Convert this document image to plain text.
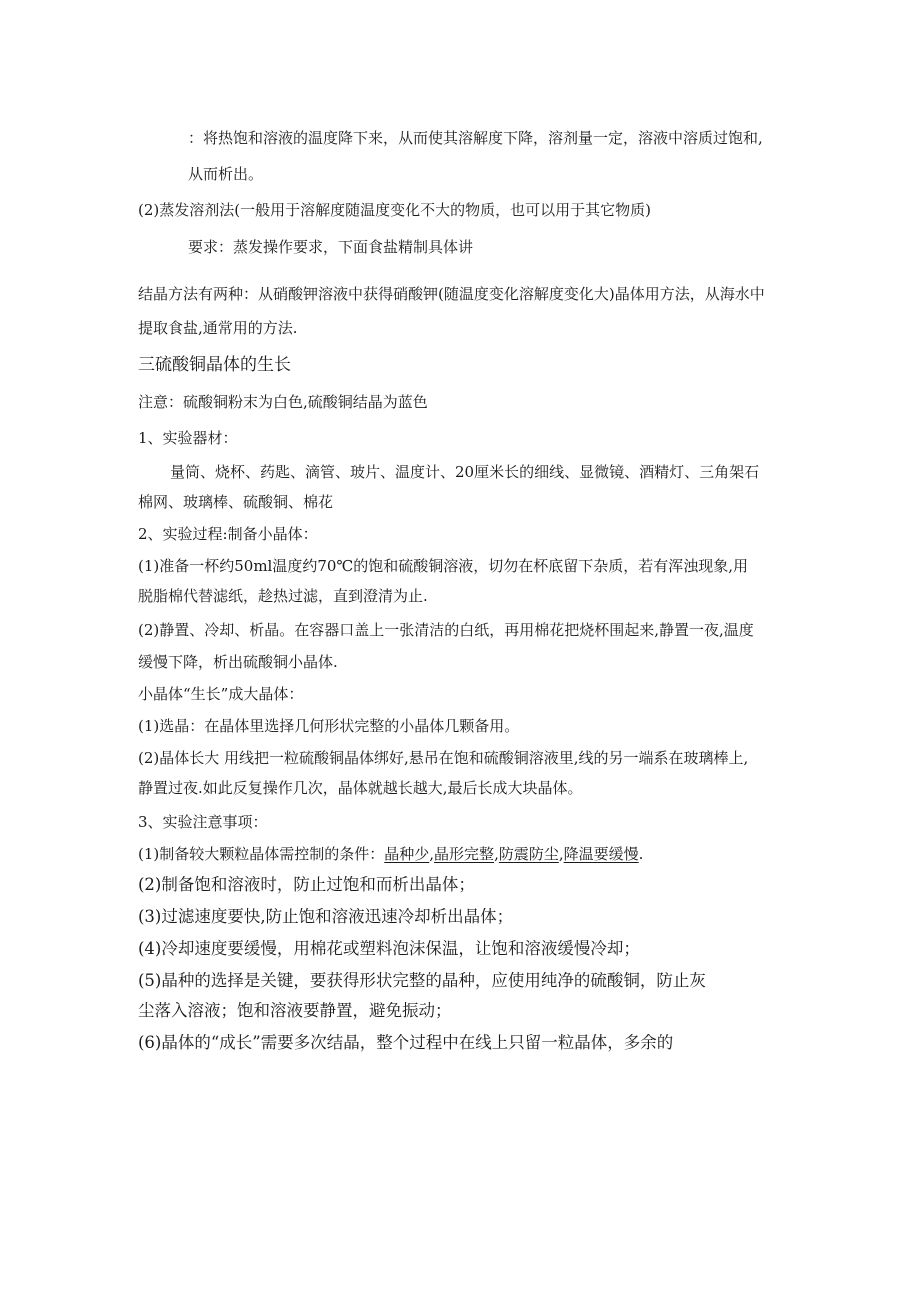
：将热饱和溶液的温度降下来，从而使其溶解度下降，溶剂量一定，溶液中溶质过饱和,
从而析出。
(2)蒸发溶剂法(一般用于溶解度随温度变化不大的物质，也可以用于其它物质)
要求：蒸发操作要求，下面食盐精制具体讲
结晶方法有两种：从硝酸钾溶液中获得硝酸钾(随温度变化溶解度变化大)晶体用方法，从海水中
提取食盐,通常用的方法.
三硫酸铜晶体的生长
注意：硫酸铜粉末为白色,硫酸铜结晶为蓝色
1、实验器材：
量筒、烧杯、药匙、滴管、玻片、温度计、20厘米长的细线、显微镜、酒精灯、三角架石
棉网、玻璃棒、硫酸铜、棉花
2、实验过程:制备小晶体：
(1)准备一杯约50ml温度约70℃的饱和硫酸铜溶液，切勿在杯底留下杂质，若有浑浊现象,用
脱脂棉代替滤纸，趁热过滤，直到澄清为止.
(2)静置、冷却、析晶。在容器口盖上一张清洁的白纸，再用棉花把烧杯围起来,静置一夜,温度
缓慢下降，析出硫酸铜小晶体.
小晶体“生长”成大晶体：
(1)选晶：在晶体里选择几何形状完整的小晶体几颗备用。
(2)晶体长大 用线把一粒硫酸铜晶体绑好,悬吊在饱和硫酸铜溶液里,线的另一端系在玻璃棒上,
静置过夜.如此反复操作几次，晶体就越长越大,最后长成大块晶体。
3、实验注意事项：
(1)制备较大颗粒晶体需控制的条件：晶种少,晶形完整,防震防尘,降温要缓慢.
(2)制备饱和溶液时，防止过饱和而析出晶体；
(3)过滤速度要快,防止饱和溶液迅速冷却析出晶体；
(4)冷却速度要缓慢，用棉花或塑料泡沫保温，让饱和溶液缓慢冷却；
(5)晶种的选择是关键，要获得形状完整的晶种，应使用纯净的硫酸铜，防止灰
尘落入溶液；饱和溶液要静置，避免振动；
(6)晶体的“成长”需要多次结晶，整个过程中在线上只留一粒晶体，多余的
